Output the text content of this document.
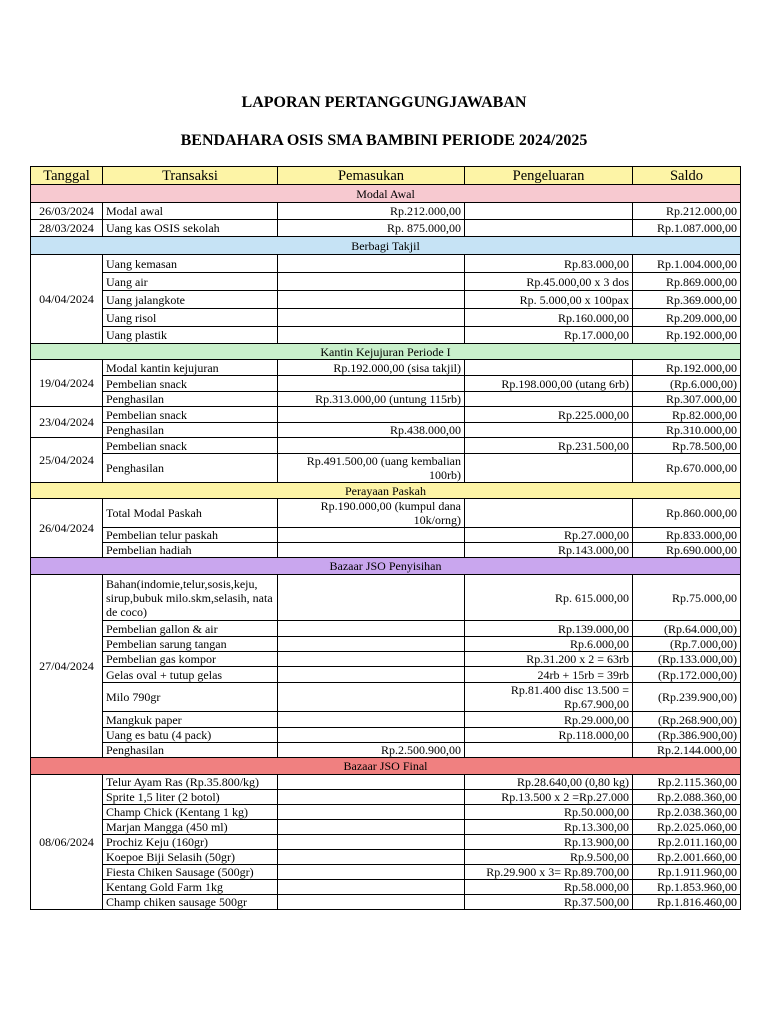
LAPORAN PERTANGGUNGJAWABAN
BENDAHARA OSIS SMA BAMBINI PERIODE 2024/2025
Tanggal	Transaksi	Pemasukan	Pengeluaran	Saldo
Modal Awal				
26/03/2024	Modal awal	Rp.212.000,00		Rp.212.000,00
28/03/2024	Uang kas OSIS sekolah	Rp. 875.000,00		Rp.1.087.000,00
Berbagi Takjil				
04/04/2024	Uang kemasan		Rp.83.000,00	Rp.1.004.000,00
	Uang air		Rp.45.000,00 x 3 dos	Rp.869.000,00
	Uang jalangkote		Rp. 5.000,00 x 100pax	Rp.369.000,00
	Uang risol		Rp.160.000,00	Rp.209.000,00
	Uang plastik		Rp.17.000,00	Rp.192.000,00
Kantin Kejujuran Periode I				
19/04/2024	Modal kantin kejujuran	Rp.192.000,00 (sisa takjil)		Rp.192.000,00
	Pembelian snack		Rp.198.000,00 (utang 6rb)	(Rp.6.000,00)
	Penghasilan	Rp.313.000,00 (untung 115rb)		Rp.307.000,00
23/04/2024	Pembelian snack		Rp.225.000,00	Rp.82.000,00
	Penghasilan	Rp.438.000,00		Rp.310.000,00
25/04/2024	Pembelian snack		Rp.231.500,00	Rp.78.500,00
	Penghasilan	Rp.491.500,00 (uang kembalian 100rb)		Rp.670.000,00
Perayaan Paskah				
26/04/2024	Total Modal Paskah	Rp.190.000,00 (kumpul dana 10k/orng)		Rp.860.000,00
	Pembelian telur paskah		Rp.27.000,00	Rp.833.000,00
	Pembelian hadiah		Rp.143.000,00	Rp.690.000,00
Bazaar JSO Penyisihan				
27/04/2024	Bahan(indomie,telur,sosis,keju, sirup,bubuk milo.skm,selasih, nata de coco)		Rp. 615.000,00	Rp.75.000,00
	Pembelian gallon & air		Rp.139.000,00	(Rp.64.000,00)
	Pembelian sarung tangan		Rp.6.000,00	(Rp.7.000,00)
	Pembelian gas kompor		Rp.31.200 x 2 = 63rb	(Rp.133.000,00)
	Gelas oval + tutup gelas		24rb + 15rb = 39rb	(Rp.172.000,00)
	Milo 790gr		Rp.81.400 disc 13.500 = Rp.67.900,00	(Rp.239.900,00)
	Mangkuk paper		Rp.29.000,00	(Rp.268.900,00)
	Uang es batu (4 pack)		Rp.118.000,00	(Rp.386.900,00)
	Penghasilan	Rp.2.500.900,00		Rp.2.144.000,00
Bazaar JSO Final				
08/06/2024	Telur Ayam Ras (Rp.35.800/kg)		Rp.28.640,00 (0,80 kg)	Rp.2.115.360,00
	Sprite 1,5 liter (2 botol)		Rp.13.500 x 2 =Rp.27.000	Rp.2.088.360,00
	Champ Chick (Kentang 1 kg)		Rp.50.000,00	Rp.2.038.360,00
	Marjan Mangga (450 ml)		Rp.13.300,00	Rp.2.025.060,00
	Prochiz Keju (160gr)		Rp.13.900,00	Rp.2.011.160,00
	Koepoe Biji Selasih (50gr)		Rp.9.500,00	Rp.2.001.660,00
	Fiesta Chiken Sausage (500gr)		Rp.29.900 x 3= Rp.89.700,00	Rp.1.911.960,00
	Kentang Gold Farm 1kg		Rp.58.000,00	Rp.1.853.960,00
	Champ chiken sausage 500gr		Rp.37.500,00	Rp.1.816.460,00
